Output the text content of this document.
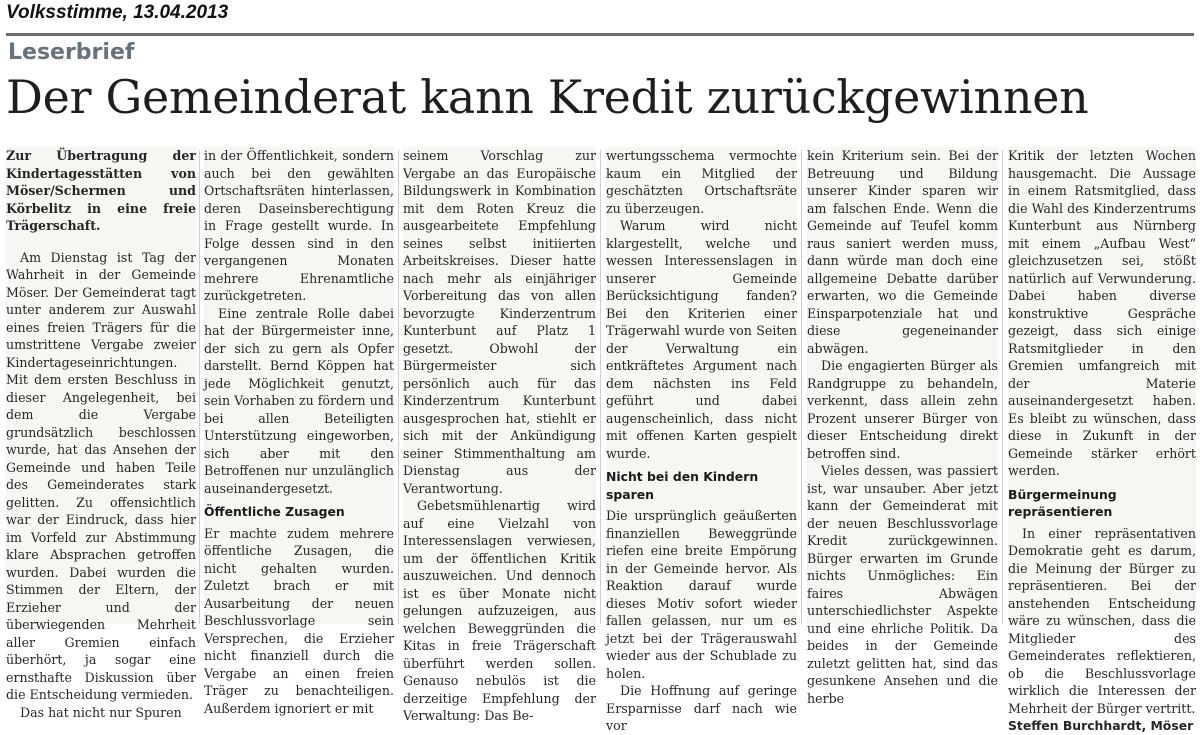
Volksstimme, 13.04.2013
Leserbrief
Der Gemeinderat kann Kredit zurückgewinnen

Zur Übertragung der Kindertagesstätten von Möser/Schermen und Körbelitz in eine freie Trägerschaft.

Am Dienstag ist Tag der Wahrheit in der Gemeinde Möser. Der Gemeinderat tagt unter anderem zur Auswahl eines freien Trägers für die umstrittene Vergabe zweier Kindertageseinrichtungen. Mit dem ersten Beschluss in dieser Angelegenheit, bei dem die Vergabe grundsätzlich beschlossen wurde, hat das Ansehen der Gemeinde und haben Teile des Gemeinderates stark gelitten. Zu offensichtlich war der Eindruck, dass hier im Vorfeld zur Abstimmung klare Absprachen getroffen wurden. Dabei wurden die Stimmen der Eltern, der Erzieher und der überwiegenden Mehrheit aller Gremien einfach überhört, ja sogar eine ernsthafte Diskussion über die Entscheidung vermieden.

Das hat nicht nur Spuren

in der Öffentlichkeit, sondern auch bei den gewählten Ortschaftsräten hinterlassen, deren Daseinsberechtigung in Frage gestellt wurde. In Folge dessen sind in den vergangenen Monaten mehrere Ehrenamtliche zurückgetreten.

Eine zentrale Rolle dabei hat der Bürgermeister inne, der sich zu gern als Opfer darstellt. Bernd Köppen hat jede Möglichkeit genutzt, sein Vorhaben zu fördern und bei allen Beteiligten Unterstützung eingeworben, sich aber mit den Betroffenen nur unzulänglich auseinandergesetzt.

Öffentliche Zusagen

Er machte zudem mehrere öffentliche Zusagen, die nicht gehalten wurden. Zuletzt brach er mit Ausarbeitung der neuen Beschlussvorlage sein Versprechen, die Erzieher nicht finanziell durch die Vergabe an einen freien Träger zu benachteiligen. Außerdem ignoriert er mit

seinem Vorschlag zur Vergabe an das Europäische Bildungswerk in Kombination mit dem Roten Kreuz die ausgearbeitete Empfehlung seines selbst initiierten Arbeitskreises. Dieser hatte nach mehr als einjähriger Vorbereitung das von allen bevorzugte Kinderzentrum Kunterbunt auf Platz 1 gesetzt. Obwohl der Bürgermeister sich persönlich auch für das Kinderzentrum Kunterbunt ausgesprochen hat, stiehlt er sich mit der Ankündigung seiner Stimmenthaltung am Dienstag aus der Verantwortung.

Gebetsmühlenartig wird auf eine Vielzahl von Interessenslagen verwiesen, um der öffentlichen Kritik auszuweichen. Und dennoch ist es über Monate nicht gelungen aufzuzeigen, aus welchen Beweggründen die Kitas in freie Trägerschaft überführt werden sollen. Genauso nebulös ist die derzeitige Empfehlung der Verwaltung: Das Be-

wertungsschema vermochte kaum ein Mitglied der geschätzten Ortschaftsräte zu überzeugen.

Warum wird nicht klargestellt, welche und wessen Interessenslagen in unserer Gemeinde Berücksichtigung fanden? Bei den Kriterien einer Trägerwahl wurde von Seiten der Verwaltung ein entkräftetes Argument nach dem nächsten ins Feld geführt und dabei augenscheinlich, dass nicht mit offenen Karten gespielt wurde.

Nicht bei den Kindern sparen

Die ursprünglich geäußerten finanziellen Beweggründe riefen eine breite Empörung in der Gemeinde hervor. Als Reaktion darauf wurde dieses Motiv sofort wieder fallen gelassen, nur um es jetzt bei der Trägerauswahl wieder aus der Schublade zu holen.

Die Hoffnung auf geringe Ersparnisse darf nach wie vor

kein Kriterium sein. Bei der Betreuung und Bildung unserer Kinder sparen wir am falschen Ende. Wenn die Gemeinde auf Teufel komm raus saniert werden muss, dann würde man doch eine allgemeine Debatte darüber erwarten, wo die Gemeinde Einsparpotenziale hat und diese gegeneinander abwägen.

Die engagierten Bürger als Randgruppe zu behandeln, verkennt, dass allein zehn Prozent unserer Bürger von dieser Entscheidung direkt betroffen sind.

Vieles dessen, was passiert ist, war unsauber. Aber jetzt kann der Gemeinderat mit der neuen Beschlussvorlage Kredit zurückgewinnen. Bürger erwarten im Grunde nichts Unmögliches: Ein faires Abwägen unterschiedlichster Aspekte und eine ehrliche Politik. Da beides in der Gemeinde zuletzt gelitten hat, sind das gesunkene Ansehen und die herbe

Kritik der letzten Wochen hausgemacht. Die Aussage in einem Ratsmitglied, dass die Wahl des Kinderzentrums Kunterbunt aus Nürnberg mit einem „Aufbau West“ gleichzusetzen sei, stößt natürlich auf Verwunderung. Dabei haben diverse konstruktive Gespräche gezeigt, dass sich einige Ratsmitglieder in den Gremien umfangreich mit der Materie auseinandergesetzt haben. Es bleibt zu wünschen, dass diese in Zukunft in der Gemeinde stärker erhört werden.

Bürgermeinung repräsentieren

In einer repräsentativen Demokratie geht es darum, die Meinung der Bürger zu repräsentieren. Bei der anstehenden Entscheidung wäre zu wünschen, dass die Mitglieder des Gemeinderates reflektieren, ob die Beschlussvorlage wirklich die Interessen der Mehrheit der Bürger vertritt.

Steffen Burchhardt, Möser
